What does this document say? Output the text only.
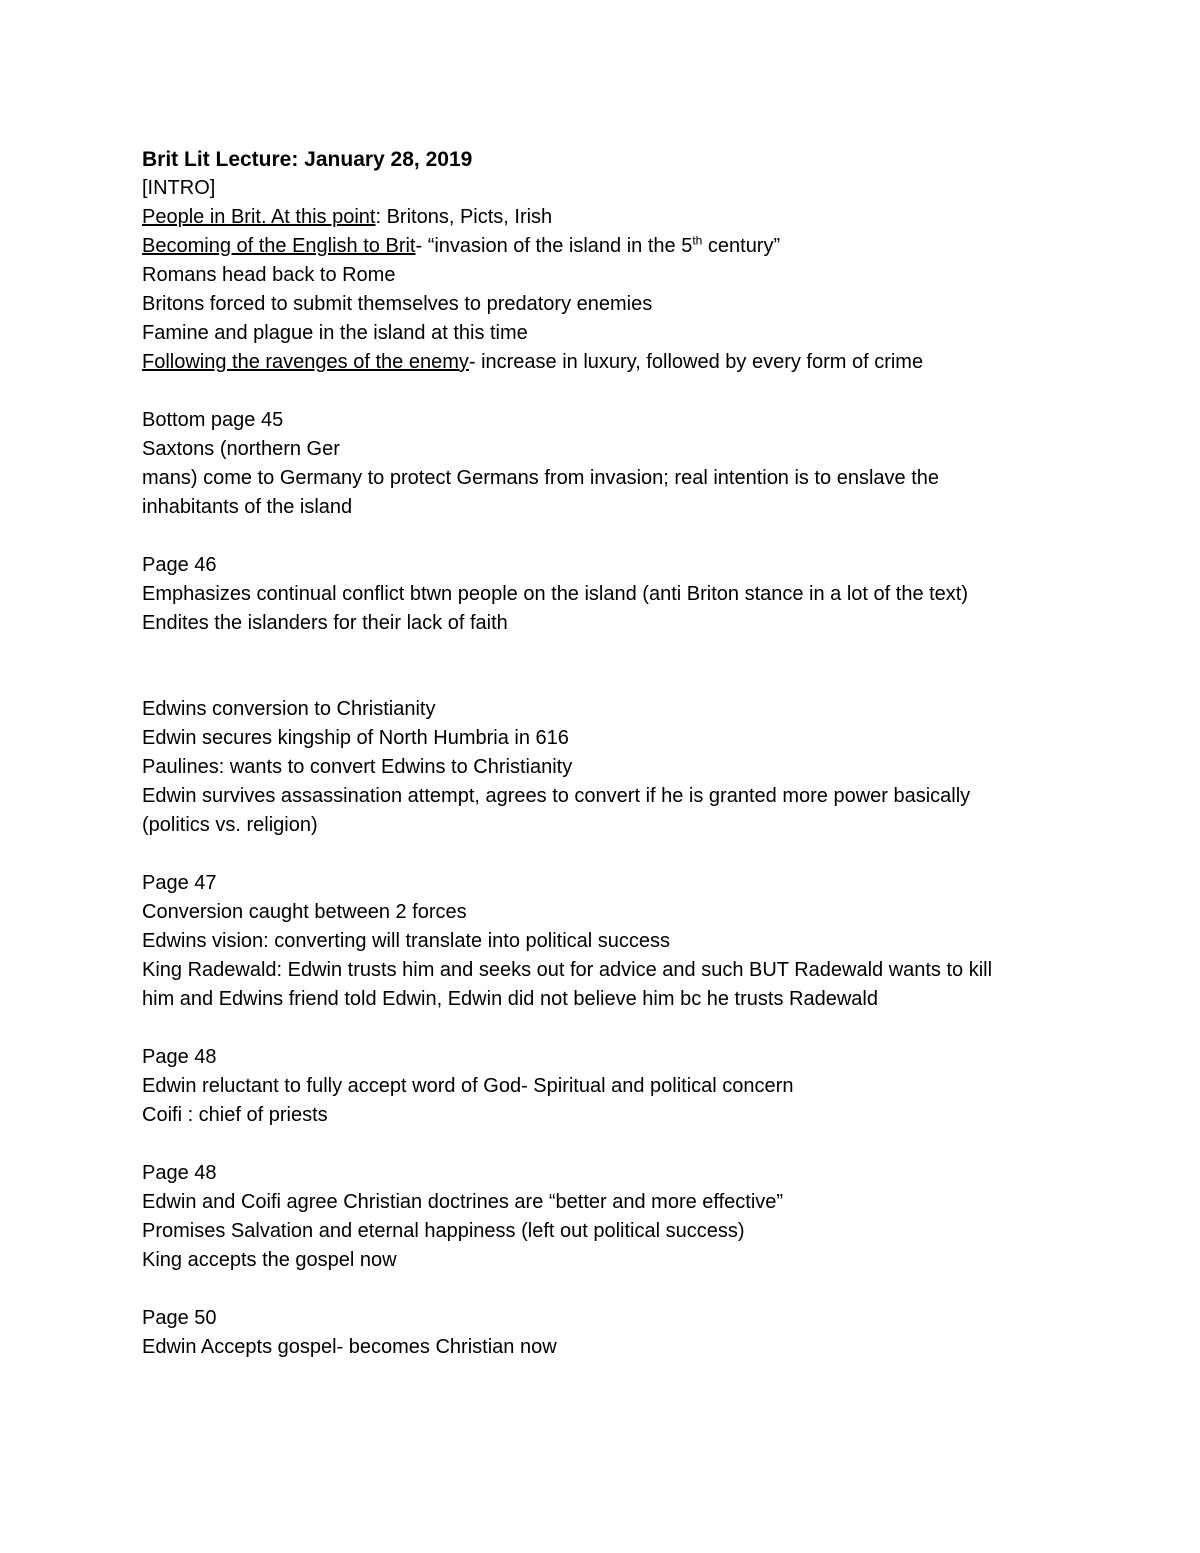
Brit Lit Lecture: January 28, 2019
[INTRO]
People in Brit. At this point: Britons, Picts, Irish
Becoming of the English to Brit- “invasion of the island in the 5th century”
Romans head back to Rome
Britons forced to submit themselves to predatory enemies
Famine and plague in the island at this time
Following the ravenges of the enemy- increase in luxury, followed by every form of crime
Bottom page 45
Saxtons (northern Ger
mans) come to Germany to protect Germans from invasion; real intention is to enslave the
inhabitants of the island
Page 46
Emphasizes continual conflict btwn people on the island (anti Briton stance in a lot of the text)
Endites the islanders for their lack of faith
Edwins conversion to Christianity
Edwin secures kingship of North Humbria in 616
Paulines: wants to convert Edwins to Christianity
Edwin survives assassination attempt, agrees to convert if he is granted more power basically
(politics vs. religion)
Page 47
Conversion caught between 2 forces
Edwins vision: converting will translate into political success
King Radewald: Edwin trusts him and seeks out for advice and such BUT Radewald wants to kill
him and Edwins friend told Edwin, Edwin did not believe him bc he trusts Radewald
Page 48
Edwin reluctant to fully accept word of God- Spiritual and political concern
Coifi : chief of priests
Page 48
Edwin and Coifi agree Christian doctrines are “better and more effective”
Promises Salvation and eternal happiness (left out political success)
King accepts the gospel now
Page 50
Edwin Accepts gospel- becomes Christian now
